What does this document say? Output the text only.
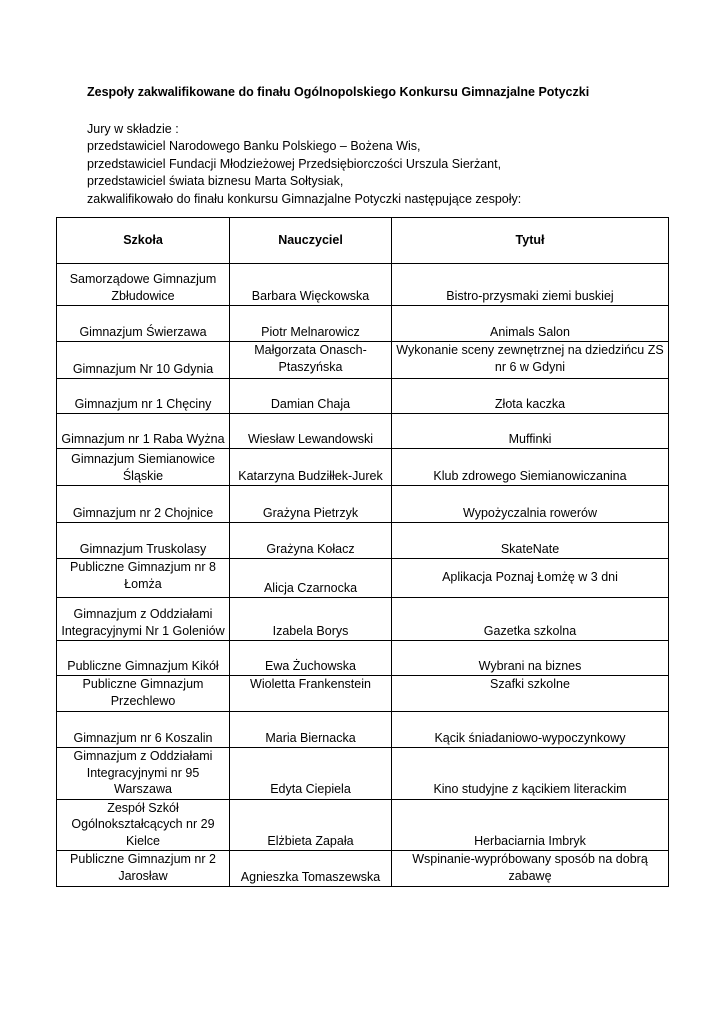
Zespoły zakwalifikowane do finału Ogólnopolskiego Konkursu Gimnazjalne Potyczki
Jury w składzie :
przedstawiciel Narodowego Banku Polskiego – Bożena Wis,
przedstawiciel Fundacji Młodzieżowej Przedsiębiorczości Urszula Sierżant,
przedstawiciel świata biznesu Marta Sołtysiak,
zakwalifikowało do finału konkursu Gimnazjalne Potyczki następujące zespoły:
Szkoła	Nauczyciel	Tytuł
Samorządowe Gimnazjum Zbłudowice	Barbara Więckowska	Bistro-przysmaki ziemi buskiej
Gimnazjum Świerzawa	Piotr Melnarowicz	Animals Salon
Gimnazjum Nr 10 Gdynia	Małgorzata Onasch-Ptaszyńska	Wykonanie sceny zewnętrznej na dziedzińcu ZS nr 6 w Gdyni
Gimnazjum nr 1 Chęciny	Damian Chaja	Złota kaczka
Gimnazjum nr 1 Raba Wyżna	Wiesław Lewandowski	Muffinki
Gimnazjum Siemianowice Śląskie	Katarzyna Budziłłek-Jurek	Klub zdrowego Siemianowiczanina
Gimnazjum nr 2 Chojnice	Grażyna Pietrzyk	Wypożyczalnia rowerów
Gimnazjum Truskolasy	Grażyna Kołacz	SkateNate
Publiczne Gimnazjum nr 8 Łomża	Alicja Czarnocka	Aplikacja Poznaj Łomżę w 3 dni
Gimnazjum z Oddziałami Integracyjnymi Nr 1 Goleniów	Izabela Borys	Gazetka szkolna
Publiczne Gimnazjum Kikół	Ewa Żuchowska	Wybrani na biznes
Publiczne Gimnazjum Przechlewo	Wioletta Frankenstein	Szafki szkolne
Gimnazjum nr 6 Koszalin	Maria Biernacka	Kącik śniadaniowo-wypoczynkowy
Gimnazjum z Oddziałami Integracyjnymi nr 95 Warszawa	Edyta Ciepiela	Kino studyjne z kącikiem literackim
Zespół Szkół Ogólnokształcących nr 29 Kielce	Elżbieta Zapała	Herbaciarnia Imbryk
Publiczne Gimnazjum nr 2 Jarosław	Agnieszka Tomaszewska	Wspinanie-wypróbowany sposób na dobrą zabawę
